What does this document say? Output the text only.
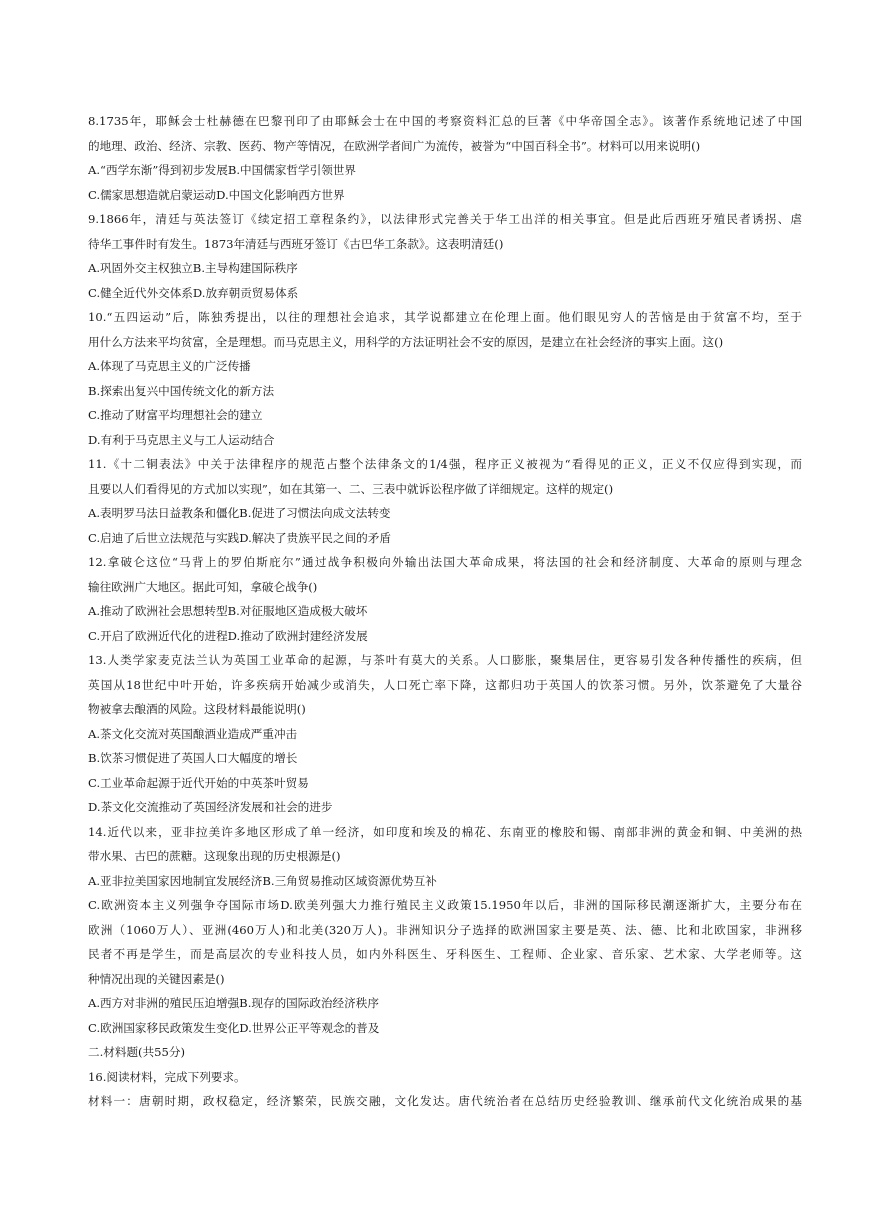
8.1735年，耶稣会士杜赫德在巴黎刊印了由耶稣会士在中国的考察资料汇总的巨著《中华帝国全志》。该著作系统地记述了中国
的地理、政治、经济、宗教、医药、物产等情况，在欧洲学者间广为流传，被誉为“中国百科全书”。材料可以用来说明()
A.“西学东渐”得到初步发展B.中国儒家哲学引领世界
C.儒家思想造就启蒙运动D.中国文化影响西方世界
9.1866年，清廷与英法签订《续定招工章程条约》，以法律形式完善关于华工出洋的相关事宜。但是此后西班牙殖民者诱拐、虐
待华工事件时有发生。1873年清廷与西班牙签订《古巴华工条款》。这表明清廷()
A.巩固外交主权独立B.主导构建国际秩序
C.健全近代外交体系D.放弃朝贡贸易体系
10.“五四运动”后，陈独秀提出，以往的理想社会追求，其学说都建立在伦理上面。他们眼见穷人的苦恼是由于贫富不均，至于
用什么方法来平均贫富，全是理想。而马克思主义，用科学的方法证明社会不安的原因，是建立在社会经济的事实上面。这()
A.体现了马克思主义的广泛传播
B.探索出复兴中国传统文化的新方法
C.推动了财富平均理想社会的建立
D.有利于马克思主义与工人运动结合
11.《十二铜表法》中关于法律程序的规范占整个法律条文的1/4强，程序正义被视为“看得见的正义，正义不仅应得到实现，而
且要以人们看得见的方式加以实现”，如在其第一、二、三表中就诉讼程序做了详细规定。这样的规定()
A.表明罗马法日益教条和僵化B.促进了习惯法向成文法转变
C.启迪了后世立法规范与实践D.解决了贵族平民之间的矛盾
12.拿破仑这位“马背上的罗伯斯庇尔”通过战争积极向外输出法国大革命成果，将法国的社会和经济制度、大革命的原则与理念
输往欧洲广大地区。据此可知，拿破仑战争()
A.推动了欧洲社会思想转型B.对征服地区造成极大破坏
C.开启了欧洲近代化的进程D.推动了欧洲封建经济发展
13.人类学家麦克法兰认为英国工业革命的起源，与茶叶有莫大的关系。人口膨胀，聚集居住，更容易引发各种传播性的疾病，但
英国从18世纪中叶开始，许多疾病开始减少或消失，人口死亡率下降，这都归功于英国人的饮茶习惯。另外，饮茶避免了大量谷
物被拿去酿酒的风险。这段材料最能说明()
A.茶文化交流对英国酿酒业造成严重冲击
B.饮茶习惯促进了英国人口大幅度的增长
C.工业革命起源于近代开始的中英茶叶贸易
D.茶文化交流推动了英国经济发展和社会的进步
14.近代以来，亚非拉美许多地区形成了单一经济，如印度和埃及的棉花、东南亚的橡胶和锡、南部非洲的黄金和铜、中美洲的热
带水果、古巴的蔗糖。这现象出现的历史根源是()
A.亚非拉美国家因地制宜发展经济B.三角贸易推动区域资源优势互补
C.欧洲资本主义列强争夺国际市场D.欧美列强大力推行殖民主义政策15.1950年以后，非洲的国际移民潮逐渐扩大，主要分布在
欧洲（1060万人）、亚洲(460万人)和北美(320万人)。非洲知识分子选择的欧洲国家主要是英、法、德、比和北欧国家，非洲移
民者不再是学生，而是高层次的专业科技人员，如内外科医生、牙科医生、工程师、企业家、音乐家、艺术家、大学老师等。这
种情况出现的关键因素是()
A.西方对非洲的殖民压迫增强B.现存的国际政治经济秩序
C.欧洲国家移民政策发生变化D.世界公正平等观念的普及
二.材料题(共55分)
16.阅读材料，完成下列要求。
材料一：唐朝时期，政权稳定，经济繁荣，民族交融，文化发达。唐代统治者在总结历史经验教训、继承前代文化统治成果的基
